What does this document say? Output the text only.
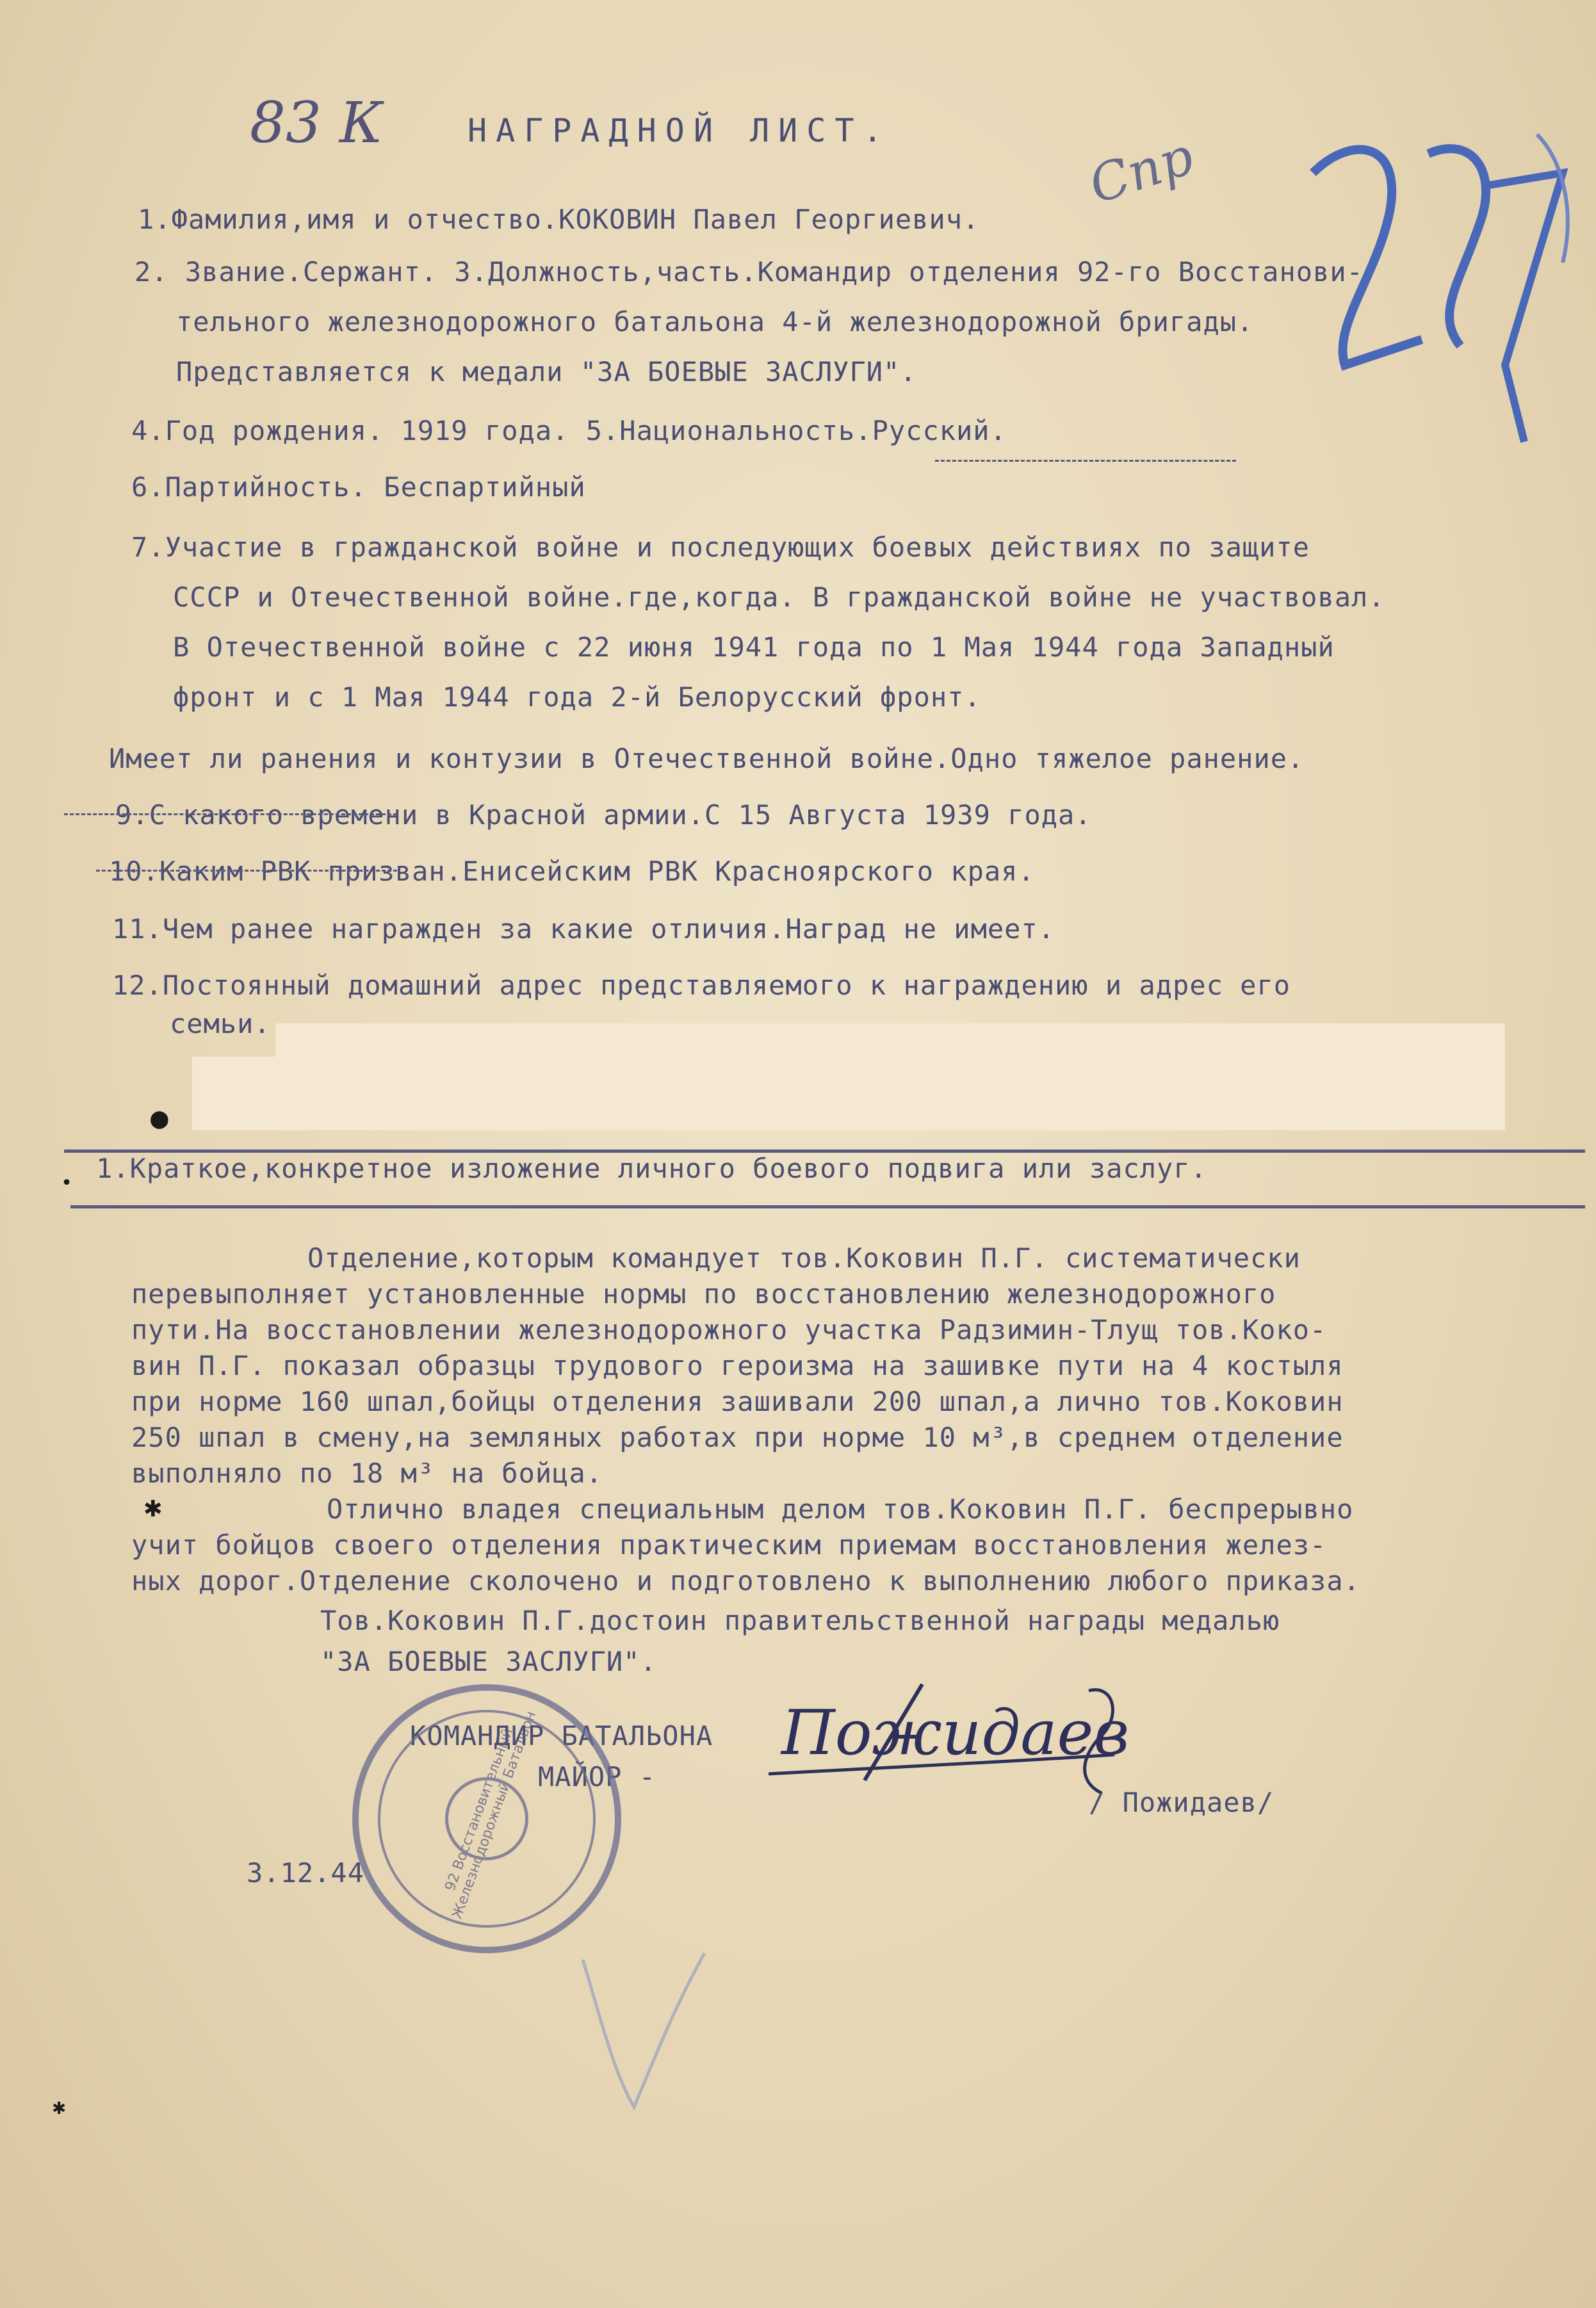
83 К
Спр
НАГРАДНОЙ ЛИСТ.
1.Фамилия,имя и отчество.КОКОВИН Павел Георгиевич.
2. Звание.Сержант. 3.Должность,часть.Командир отделения 92-го Восстанови-
тельного железнодорожного батальона 4-й железнодорожной бригады.
Представляется к медали "ЗА БОЕВЫЕ ЗАСЛУГИ".
4.Год рождения. 1919 года. 5.Национальность.Русский.
6.Партийность. Беспартийный
7.Участие в гражданской войне и последующих боевых действиях по защите
СССР и Отечественной войне.где,когда. В гражданской войне не участвовал.
В Отечественной войне с 22 июня 1941 года по 1 Мая 1944 года Западный
фронт и с 1 Мая 1944 года 2-й Белорусский фронт.
Имеет ли ранения и контузии в Отечественной войне.Одно тяжелое ранение.
9.С какого времени в Красной армии.С 15 Августа 1939 года.
10.Каким РВК призван.Енисейским РВК Красноярского края.
11.Чем ранее награжден за какие отличия.Наград не имеет.
12.Постоянный домашний адрес представляемого к награждению и адрес его
семьи.
●
1.Краткое,конкретное изложение личного боевого подвига или заслуг.
•
Отделение,которым командует тов.Коковин П.Г. систематически
перевыполняет установленные нормы по восстановлению железнодорожного
пути.На восстановлении железнодорожного участка Радзимин-Тлущ тов.Коко-
вин П.Г. показал образцы трудового героизма на зашивке пути на 4 костыля
при норме 160 шпал,бойцы отделения зашивали 200 шпал,а лично тов.Коковин
250 шпал в смену,на земляных работах при норме 10 м³,в среднем отделение
выполняло по 18 м³ на бойца.
Отлично владея специальным делом тов.Коковин П.Г. беспрерывно
учит бойцов своего отделения практическим приемам восстановления желез-
ных дорог.Отделение сколочено и подготовлено к выполнению любого приказа.
Тов.Коковин П.Г.достоин правительственной награды медалью
"ЗА БОЕВЫЕ ЗАСЛУГИ".
✱
КОМАНДИР БАТАЛЬОНА
МАЙОР -
Пожидаев
/ Пожидаев/
3.12.44	92 Восстановительный Железнодорожный Батальон
✱
